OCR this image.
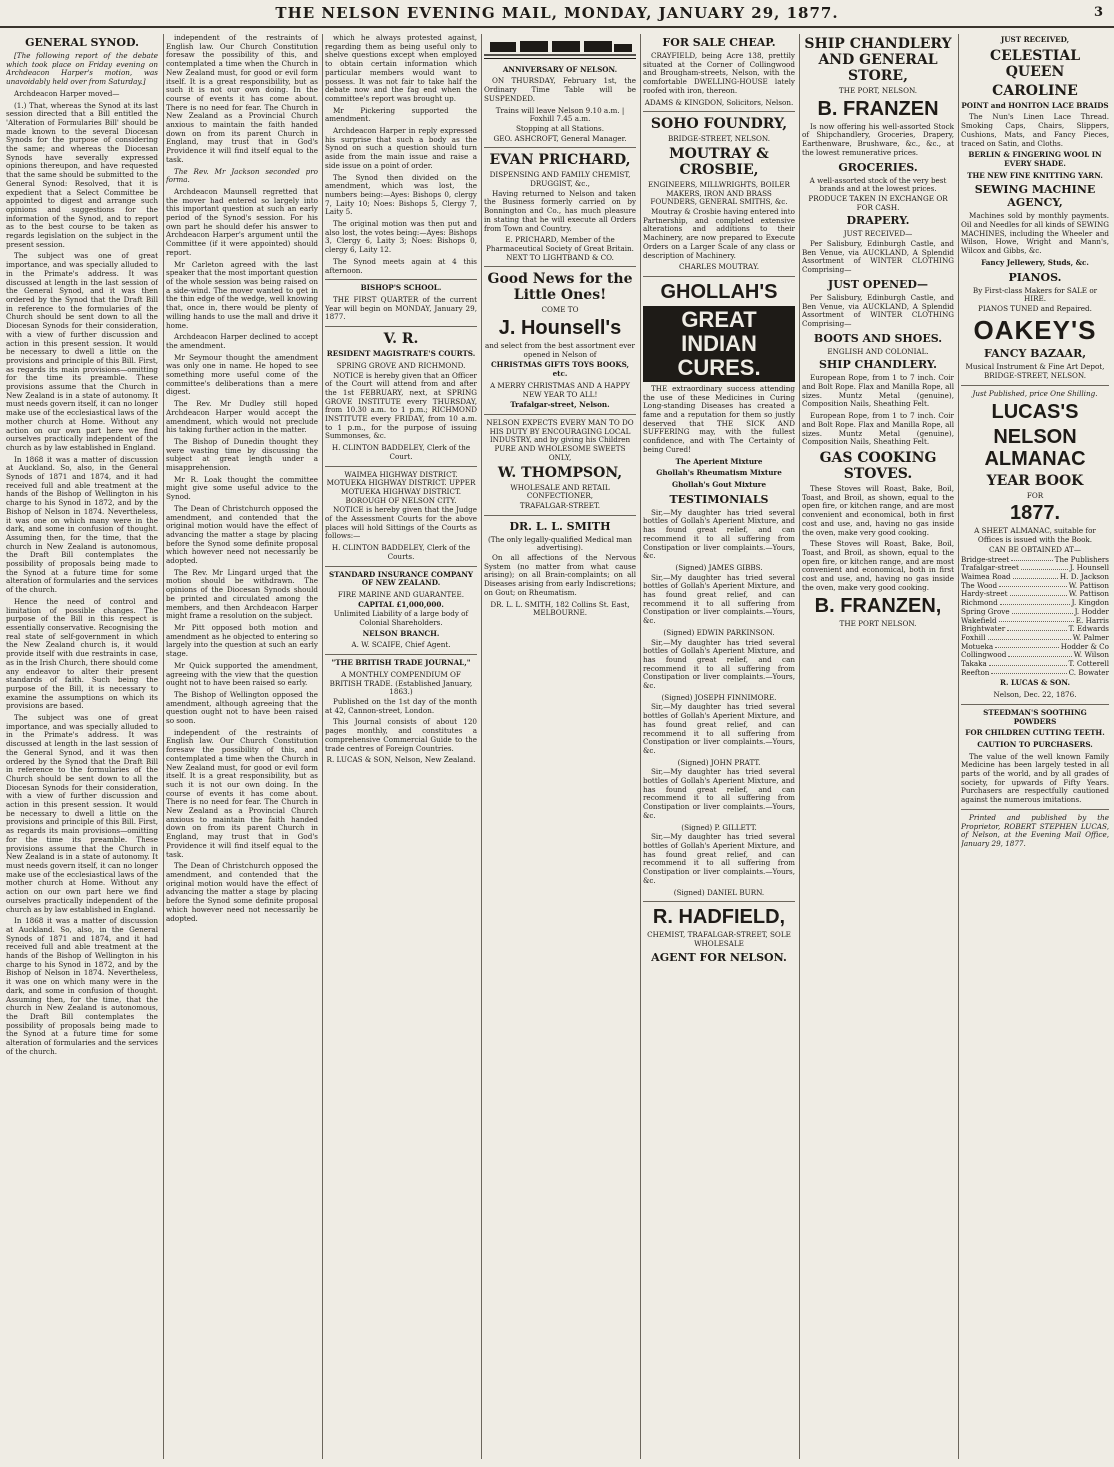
THE NELSON EVENING MAIL, MONDAY, JANUARY 29, 1877.	3
GENERAL SYNOD.

[The following report of the debate which took place on Friday evening on Archdeacon Harper's motion, was unavoidably held over from Saturday.]

Archdeacon Harper moved—

(1.) That, whereas the Synod at its last session directed that a Bill entitled the 'Alteration of Formularies Bill' should be made known to the several Diocesan Synods for the purpose of considering the same; and whereas the Diocesan Synods have severally expressed opinions thereupon, and have requested that the same should be submitted to the General Synod: Resolved, that it is expedient that a Select Committee be appointed to digest and arrange such opinions and suggestions for the information of the Synod, and to report as to the best course to be taken as regards legislation on the subject in the present session.

The subject was one of great importance, and was specially alluded to in the Primate's address. It was discussed at length in the last session of the General Synod, and it was then ordered by the Synod that the Draft Bill in reference to the formularies of the Church should be sent down to all the Diocesan Synods for their consideration, with a view of further discussion and action in this present session. It would be necessary to dwell a little on the provisions and principle of this Bill. First, as regards its main provisions—omitting for the time its preamble. These provisions assume that the Church in New Zealand is in a state of autonomy. It must needs govern itself, it can no longer make use of the ecclesiastical laws of the mother church at Home. Without any action on our own part here we find ourselves practically independent of the church as by law established in England.

In 1868 it was a matter of discussion at Auckland. So, also, in the General Synods of 1871 and 1874, and it had received full and able treatment at the hands of the Bishop of Wellington in his charge to his Synod in 1872, and by the Bishop of Nelson in 1874. Nevertheless, it was one on which many were in the dark, and some in confusion of thought. Assuming then, for the time, that the church in New Zealand is autonomous, the Draft Bill contemplates the possibility of proposals being made to the Synod at a future time for some alteration of formularies and the services of the church.

Hence the need of control and limitation of possible changes. The purpose of the Bill in this respect is essentially conservative. Recognising the real state of self-government in which the New Zealand church is, it would provide itself with due restraints in case, as in the Irish Church, there should come any endeavor to alter their present standards of faith. Such being the purpose of the Bill, it is necessary to examine the assumptions on which its provisions are based.

The subject was one of great importance, and was specially alluded to in the Primate's address. It was discussed at length in the last session of the General Synod, and it was then ordered by the Synod that the Draft Bill in reference to the formularies of the Church should be sent down to all the Diocesan Synods for their consideration, with a view of further discussion and action in this present session. It would be necessary to dwell a little on the provisions and principle of this Bill. First, as regards its main provisions—omitting for the time its preamble. These provisions assume that the Church in New Zealand is in a state of autonomy. It must needs govern itself, it can no longer make use of the ecclesiastical laws of the mother church at Home. Without any action on our own part here we find ourselves practically independent of the church as by law established in England.

In 1868 it was a matter of discussion at Auckland. So, also, in the General Synods of 1871 and 1874, and it had received full and able treatment at the hands of the Bishop of Wellington in his charge to his Synod in 1872, and by the Bishop of Nelson in 1874. Nevertheless, it was one on which many were in the dark, and some in confusion of thought. Assuming then, for the time, that the church in New Zealand is autonomous, the Draft Bill contemplates the possibility of proposals being made to the Synod at a future time for some alteration of formularies and the services of the church.

independent of the restraints of English law. Our Church Constitution foresaw the possibility of this, and contemplated a time when the Church in New Zealand must, for good or evil form itself. It is a great responsibility, but as such it is not our own doing. In the course of events it has come about. There is no need for fear. The Church in New Zealand as a Provincial Church anxious to maintain the faith handed down on from its parent Church in England, may trust that in God's Providence it will find itself equal to the task.

The Rev. Mr Jackson seconded pro forma.

Archdeacon Maunsell regretted that the mover had entered so largely into this important question at such an early period of the Synod's session. For his own part he should defer his answer to Archdeacon Harper's argument until the Committee (if it were appointed) should report.

Mr Carleton agreed with the last speaker that the most important question of the whole session was being raised on a side-wind. The mover wanted to get in the thin edge of the wedge, well knowing that, once in, there would be plenty of willing hands to use the mall and drive it home.

Archdeacon Harper declined to accept the amendment.

Mr Seymour thought the amendment was only one in name. He hoped to see something more useful come of the committee's deliberations than a mere digest.

The Rev. Mr Dudley still hoped Archdeacon Harper would accept the amendment, which would not preclude his taking further action in the matter.

The Bishop of Dunedin thought they were wasting time by discussing the subject at great length under a misapprehension.

Mr R. Loak thought the committee might give some useful advice to the Synod.

The Dean of Christchurch opposed the amendment, and contended that the original motion would have the effect of advancing the matter a stage by placing before the Synod some definite proposal which however need not necessarily be adopted.

The Rev. Mr Lingard urged that the motion should be withdrawn. The opinions of the Diocesan Synods should be printed and circulated among the members, and then Archdeacon Harper might frame a resolution on the subject.

Mr Pitt opposed both motion and amendment as he objected to entering so largely into the question at such an early stage.

Mr Quick supported the amendment, agreeing with the view that the question ought not to have been raised so early.

The Bishop of Wellington opposed the amendment, although agreeing that the question ought not to have been raised so soon.

independent of the restraints of English law. Our Church Constitution foresaw the possibility of this, and contemplated a time when the Church in New Zealand must, for good or evil form itself. It is a great responsibility, but as such it is not our own doing. In the course of events it has come about. There is no need for fear. The Church in New Zealand as a Provincial Church anxious to maintain the faith handed down on from its parent Church in England, may trust that in God's Providence it will find itself equal to the task.

The Dean of Christchurch opposed the amendment, and contended that the original motion would have the effect of advancing the matter a stage by placing before the Synod some definite proposal which however need not necessarily be adopted.

which he always protested against, regarding them as being useful only to shelve questions except when employed to obtain certain information which particular members would want to possess. It was not fair to take half the debate now and the fag end when the committee's report was brought up.

Mr Pickering supported the amendment.

Archdeacon Harper in reply expressed his surprise that such a body as the Synod on such a question should turn aside from the main issue and raise a side issue on a point of order.

The Synod then divided on the amendment, which was lost, the numbers being:—Ayes: Bishops 0, clergy 7, Laity 10; Noes: Bishops 5, Clergy 7, Laity 5.

The original motion was then put and also lost, the votes being:—Ayes: Bishops 3, Clergy 6, Laity 3; Noes: Bishops 0, clergy 6, Laity 12.

The Synod meets again at 4 this afternoon.

BISHOP'S SCHOOL.

THE FIRST QUARTER of the current Year will begin on MONDAY, January 29, 1877.

V. R.
RESIDENT MAGISTRATE'S COURTS.
SPRING GROVE AND RICHMOND.

NOTICE is hereby given that an Officer of the Court will attend from and after the 1st FEBRUARY, next, at SPRING GROVE INSTITUTE every THURSDAY, from 10.30 a.m. to 1 p.m.; RICHMOND INSTITUTE every FRIDAY, from 10 a.m. to 1 p.m., for the purpose of issuing Summonses, &c.

H. CLINTON BADDELEY, Clerk of the Court.
WAIMEA HIGHWAY DISTRICT. MOTUEKA HIGHWAY DISTRICT. UPPER MOTUEKA HIGHWAY DISTRICT. BOROUGH OF NELSON CITY.

NOTICE is hereby given that the Judge of the Assessment Courts for the above places will hold Sittings of the Courts as follows:—

H. CLINTON BADDELEY, Clerk of the Courts.
STANDARD INSURANCE COMPANY OF NEW ZEALAND.
FIRE MARINE AND GUARANTEE.
CAPITAL £1,000,000.
Unlimited Liability of a large body of Colonial Shareholders.
NELSON BRANCH.
A. W. SCAIFE, Chief Agent.
"THE BRITISH TRADE JOURNAL,"
A MONTHLY COMPENDIUM OF BRITISH TRADE. (Established January, 1863.)

Published on the 1st day of the month at 42, Cannon-street, London.

This Journal consists of about 120 pages monthly, and constitutes a comprehensive Commercial Guide to the trade centres of Foreign Countries.

R. LUCAS & SON, Nelson, New Zealand.
ANNIVERSARY OF NELSON.

ON THURSDAY, February 1st, the Ordinary Time Table will be SUSPENDED.

Trains will leave Nelson 9.10 a.m. | Foxhill 7.45 a.m.
Stopping at all Stations.
GEO. ASHCROFT, General Manager.
EVAN PRICHARD,
DISPENSING AND FAMILY CHEMIST, DRUGGIST, &c.,

Having returned to Nelson and taken the Business formerly carried on by Bonnington and Co., has much pleasure in stating that he will execute all Orders from Town and Country.

E. PRICHARD, Member of the Pharmaceutical Society of Great Britain. NEXT TO LIGHTBAND & CO.
Good News for the Little Ones!
COME TO
J. Hounsell's
and select from the best assortment ever opened in Nelson of
CHRISTMAS GIFTS TOYS BOOKS, etc.
A MERRY CHRISTMAS AND A HAPPY NEW YEAR TO ALL!
Trafalgar-street, Nelson.
NELSON EXPECTS EVERY MAN TO DO HIS DUTY BY ENCOURAGING LOCAL INDUSTRY, and by giving his Children PURE AND WHOLESOME SWEETS ONLY,
W. THOMPSON,
WHOLESALE AND RETAIL CONFECTIONER,
TRAFALGAR-STREET.
DR. L. L. SMITH
(The only legally-qualified Medical man advertising).

On all affections of the Nervous System (no matter from what cause arising); on all Brain-complaints; on all Diseases arising from early Indiscretions; on Gout; on Rheumatism.

DR. L. L. SMITH, 182 Collins St. East, MELBOURNE.
FOR SALE CHEAP.

CRAYFIELD, being Acre 138, prettily situated at the Corner of Collingwood and Brougham-streets, Nelson, with the comfortable DWELLING-HOUSE lately roofed with iron, thereon.

ADAMS & KINGDON, Solicitors, Nelson.
SOHO FOUNDRY,
BRIDGE-STREET, NELSON.
MOUTRAY & CROSBIE,
ENGINEERS, MILLWRIGHTS, BOILER MAKERS, IRON AND BRASS FOUNDERS, GENERAL SMITHS, &c.

Moutray & Crosbie having entered into Partnership, and completed extensive alterations and additions to their Machinery, are now prepared to Execute Orders on a Larger Scale of any class or description of Machinery.

CHARLES MOUTRAY.
GHOLLAH'S
GREAT INDIAN CURES.

THE extraordinary success attending the use of these Medicines in Curing Long-standing Diseases has created a fame and a reputation for them so justly deserved that THE SICK AND SUFFERING may, with the fullest confidence, and with The Certainty of being Cured!

The Aperient Mixture
Ghollah's Rheumatism Mixture
Ghollah's Gout Mixture
TESTIMONIALS

Sir,—My daughter has tried several bottles of Gollah's Aperient Mixture, and has found great relief, and can recommend it to all suffering from Constipation or liver complaints.—Yours, &c.

(Signed) JAMES GIBBS.

Sir,—My daughter has tried several bottles of Gollah's Aperient Mixture, and has found great relief, and can recommend it to all suffering from Constipation or liver complaints.—Yours, &c.

(Signed) EDWIN PARKINSON.

Sir,—My daughter has tried several bottles of Gollah's Aperient Mixture, and has found great relief, and can recommend it to all suffering from Constipation or liver complaints.—Yours, &c.

(Signed) JOSEPH FINNIMORE.

Sir,—My daughter has tried several bottles of Gollah's Aperient Mixture, and has found great relief, and can recommend it to all suffering from Constipation or liver complaints.—Yours, &c.

(Signed) JOHN PRATT.

Sir,—My daughter has tried several bottles of Gollah's Aperient Mixture, and has found great relief, and can recommend it to all suffering from Constipation or liver complaints.—Yours, &c.

(Signed) P. GILLETT.

Sir,—My daughter has tried several bottles of Gollah's Aperient Mixture, and has found great relief, and can recommend it to all suffering from Constipation or liver complaints.—Yours, &c.

(Signed) DANIEL BURN.
R. HADFIELD,
CHEMIST, TRAFALGAR-STREET, SOLE WHOLESALE
AGENT FOR NELSON.
SHIP CHANDLERY AND GENERAL STORE,
THE PORT, NELSON.
B. FRANZEN

Is now offering his well-assorted Stock of Shipchandlery, Groceries, Drapery, Earthenware, Brushware, &c., &c., at the lowest remunerative prices.

GROCERIES.
A well-assorted stock of the very best brands and at the lowest prices.
PRODUCE TAKEN IN EXCHANGE OR FOR CASH.
DRAPERY.
JUST RECEIVED—

Per Salisbury, Edinburgh Castle, and Ben Venue, via AUCKLAND, A Splendid Assortment of WINTER CLOTHING Comprising—

JUST OPENED—

Per Salisbury, Edinburgh Castle, and Ben Venue, via AUCKLAND, A Splendid Assortment of WINTER CLOTHING Comprising—

BOOTS AND SHOES.
ENGLISH AND COLONIAL.
SHIP CHANDLERY.

European Rope, from 1 to 7 inch. Coir and Bolt Rope. Flax and Manilla Rope, all sizes. Muntz Metal (genuine), Composition Nails, Sheathing Felt.

European Rope, from 1 to 7 inch. Coir and Bolt Rope. Flax and Manilla Rope, all sizes. Muntz Metal (genuine), Composition Nails, Sheathing Felt.

GAS COOKING STOVES.

These Stoves will Roast, Bake, Boil, Toast, and Broil, as shown, equal to the open fire, or kitchen range, and are most convenient and economical, both in first cost and use, and, having no gas inside the oven, make very good cooking.

These Stoves will Roast, Bake, Boil, Toast, and Broil, as shown, equal to the open fire, or kitchen range, and are most convenient and economical, both in first cost and use, and, having no gas inside the oven, make very good cooking.

B. FRANZEN,
THE PORT NELSON.
JUST RECEIVED,
CELESTIAL QUEEN
CAROLINE
POINT and HONITON LACE BRAIDS

The Nun's Linen Lace Thread. Smoking Caps, Chairs, Slippers, Cushions, Mats, and Fancy Pieces, traced on Satin, and Cloths.

BERLIN & FINGERING WOOL IN EVERY SHADE.
THE NEW FINE KNITTING YARN.
SEWING MACHINE AGENCY,

Machines sold by monthly payments. Oil and Needles for all kinds of SEWING MACHINES, including the Wheeler and Wilson, Howe, Wright and Mann's, Wilcox and Gibbs, &c.

Fancy Jellewery, Studs, &c.
PIANOS.
By First-class Makers for SALE or HIRE.
PIANOS TUNED and Repaired.
OAKEY'S
FANCY BAZAAR,
Musical Instrument & Fine Art Depot,
BRIDGE-STREET, NELSON.
Just Published, price One Shilling.
LUCAS'S
NELSON ALMANAC
YEAR BOOK
FOR
1877.
A SHEET ALMANAC, suitable for Offices is issued with the Book.
CAN BE OBTAINED AT—
Bridge-street	The Publishers
Trafalgar-street	J. Hounsell
Waimea Road	H. D. Jackson
The Wood	W. Pattison
Hardy-street	W. Pattison
Richmond	J. Kingdon
Spring Grove	J. Hodder
Wakefield	E. Harris
Brightwater	T. Edwards
Foxhill	W. Palmer
Motueka	Hodder & Co
Collingwood	W. Wilson
Takaka	T. Cotterell
Reefton	C. Bowater
R. LUCAS & SON.
Nelson, Dec. 22, 1876.
STEEDMAN'S SOOTHING POWDERS
FOR CHILDREN CUTTING TEETH.
CAUTION TO PURCHASERS.

The value of the well known Family Medicine has been largely tested in all parts of the world, and by all grades of society, for upwards of Fifty Years. Purchasers are respectfully cautioned against the numerous imitations.

Printed and published by the Proprietor, ROBERT STEPHEN LUCAS, of Nelson, at the Evening Mail Office, January 29, 1877.
